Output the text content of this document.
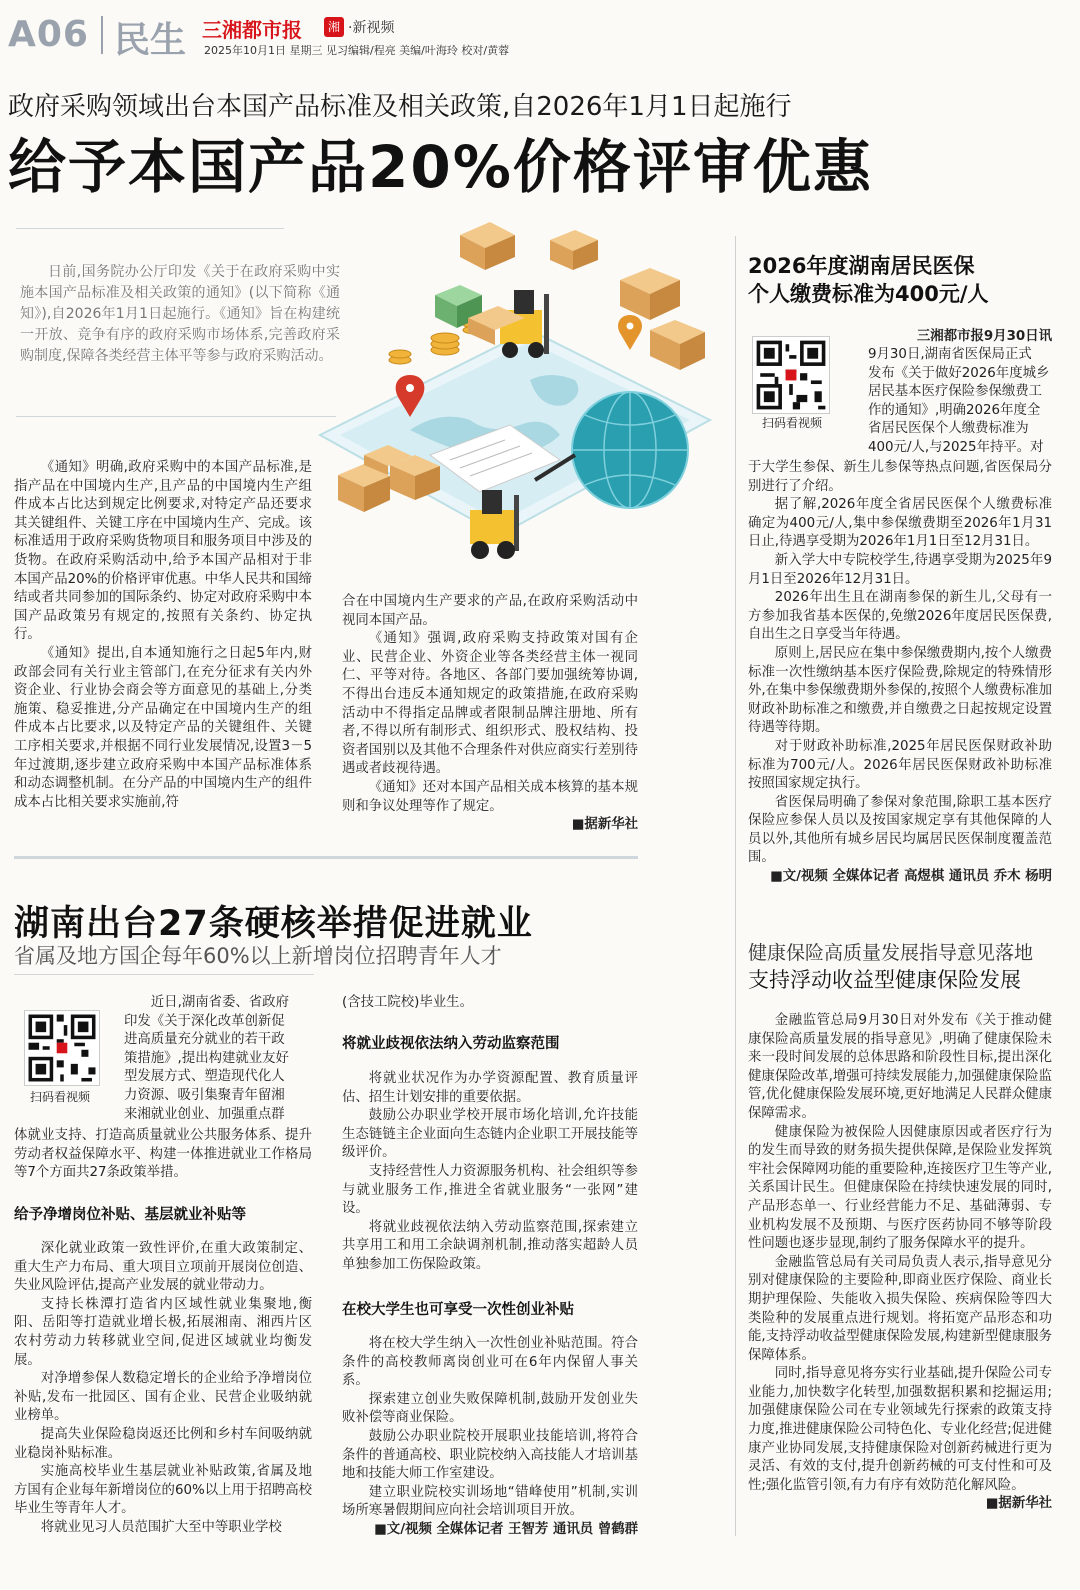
A06 民生 三湘都市报	湘 ·新视频
2025年10月1日 星期三 见习编辑/程亮 美编/叶海玲 校对/黄蓉
政府采购领域出台本国产品标准及相关政策,自2026年1月1日起施行
给予本国产品20%价格评审优惠

日前,国务院办公厅印发《关于在政府采购中实施本国产品标准及相关政策的通知》(以下简称《通知》),自2026年1月1日起施行。《通知》旨在构建统一开放、竞争有序的政府采购市场体系,完善政府采购制度,保障各类经营主体平等参与政府采购活动。

《通知》明确,政府采购中的本国产品标准,是指产品在中国境内生产,且产品的中国境内生产组件成本占比达到规定比例要求,对特定产品还要求其关键组件、关键工序在中国境内生产、完成。该标准适用于政府采购货物项目和服务项目中涉及的货物。在政府采购活动中,给予本国产品相对于非本国产品20%的价格评审优惠。中华人民共和国缔结或者共同参加的国际条约、协定对政府采购中本国产品政策另有规定的,按照有关条约、协定执行。

《通知》提出,自本通知施行之日起5年内,财政部会同有关行业主管部门,在充分征求有关内外资企业、行业协会商会等方面意见的基础上,分类施策、稳妥推进,分产品确定在中国境内生产的组件成本占比要求,以及特定产品的关键组件、关键工序相关要求,并根据不同行业发展情况,设置3－5年过渡期,逐步建立政府采购中本国产品标准体系和动态调整机制。在分产品的中国境内生产的组件成本占比相关要求实施前,符

合在中国境内生产要求的产品,在政府采购活动中视同本国产品。

《通知》强调,政府采购支持政策对国有企业、民营企业、外资企业等各类经营主体一视同仁、平等对待。各地区、各部门要加强统筹协调,不得出台违反本通知规定的政策措施,在政府采购活动中不得指定品牌或者限制品牌注册地、所有者,不得以所有制形式、组织形式、股权结构、投资者国别以及其他不合理条件对供应商实行差别待遇或者歧视待遇。

《通知》还对本国产品相关成本核算的基本规则和争议处理等作了规定。

■据新华社
2026年度湖南居民医保
个人缴费标准为400元/人
扫码看视频
三湘都市报9月30日讯
9月30日,湖南省医保局正式
发布《关于做好2026年度城乡
居民基本医疗保险参保缴费工
作的通知》,明确2026年度全
省居民医保个人缴费标准为
400元/人,与2025年持平。对

于大学生参保、新生儿参保等热点问题,省医保局分别进行了介绍。

据了解,2026年度全省居民医保个人缴费标准确定为400元/人,集中参保缴费期至2026年1月31日止,待遇享受期为2026年1月1日至12月31日。

新入学大中专院校学生,待遇享受期为2025年9月1日至2026年12月31日。

2026年出生且在湖南参保的新生儿,父母有一方参加我省基本医保的,免缴2026年度居民医保费,自出生之日享受当年待遇。

原则上,居民应在集中参保缴费期内,按个人缴费标准一次性缴纳基本医疗保险费,除规定的特殊情形外,在集中参保缴费期外参保的,按照个人缴费标准加财政补助标准之和缴费,并自缴费之日起按规定设置待遇等待期。

对于财政补助标准,2025年居民医保财政补助标准为700元/人。2026年居民医保财政补助标准按照国家规定执行。

省医保局明确了参保对象范围,除职工基本医疗保险应参保人员以及按国家规定享有其他保障的人员以外,其他所有城乡居民均属居民医保制度覆盖范围。

■文/视频 全媒体记者 高煜棋 通讯员 乔木 杨明
健康保险高质量发展指导意见落地
支持浮动收益型健康保险发展

金融监管总局9月30日对外发布《关于推动健康保险高质量发展的指导意见》,明确了健康保险未来一段时间发展的总体思路和阶段性目标,提出深化健康保险改革,增强可持续发展能力,加强健康保险监管,优化健康保险发展环境,更好地满足人民群众健康保障需求。

健康保险为被保险人因健康原因或者医疗行为的发生而导致的财务损失提供保障,是保险业发挥筑牢社会保障网功能的重要险种,连接医疗卫生等产业,关系国计民生。但健康保险在持续快速发展的同时,产品形态单一、行业经营能力不足、基础薄弱、专业机构发展不及预期、与医疗医药协同不够等阶段性问题也逐步显现,制约了服务保障水平的提升。

金融监管总局有关司局负责人表示,指导意见分别对健康保险的主要险种,即商业医疗保险、商业长期护理保险、失能收入损失保险、疾病保险等四大类险种的发展重点进行规划。将拓宽产品形态和功能,支持浮动收益型健康保险发展,构建新型健康服务保障体系。

同时,指导意见将夯实行业基础,提升保险公司专业能力,加快数字化转型,加强数据积累和挖掘运用;加强健康保险公司在专业领域先行探索的政策支持力度,推进健康保险公司特色化、专业化经营;促进健康产业协同发展,支持健康保险对创新药械进行更为灵活、有效的支付,提升创新药械的可支付性和可及性;强化监管引领,有力有序有效防范化解风险。

■据新华社
湖南出台27条硬核举措促进就业
省属及地方国企每年60%以上新增岗位招聘青年人才
扫码看视频
近日,湖南省委、省政府
印发《关于深化改革创新促
进高质量充分就业的若干政
策措施》,提出构建就业友好
型发展方式、塑造现代化人
力资源、吸引集聚青年留湘
来湘就业创业、加强重点群

体就业支持、打造高质量就业公共服务体系、提升劳动者权益保障水平、构建一体推进就业工作格局等7个方面共27条政策举措。

给予净增岗位补贴、基层就业补贴等

深化就业政策一致性评价,在重大政策制定、重大生产力布局、重大项目立项前开展岗位创造、失业风险评估,提高产业发展的就业带动力。

支持长株潭打造省内区域性就业集聚地,衡阳、岳阳等打造就业增长极,拓展湘南、湘西片区农村劳动力转移就业空间,促进区域就业均衡发展。

对净增参保人数稳定增长的企业给予净增岗位补贴,发布一批园区、国有企业、民营企业吸纳就业榜单。

提高失业保险稳岗返还比例和乡村车间吸纳就业稳岗补贴标准。

实施高校毕业生基层就业补贴政策,省属及地方国有企业每年新增岗位的60%以上用于招聘高校毕业生等青年人才。

将就业见习人员范围扩大至中等职业学校

(含技工院校)毕业生。

将就业歧视依法纳入劳动监察范围

将就业状况作为办学资源配置、教育质量评估、招生计划安排的重要依据。

鼓励公办职业学校开展市场化培训,允许技能生态链链主企业面向生态链内企业职工开展技能等级评价。

支持经营性人力资源服务机构、社会组织等参与就业服务工作,推进全省就业服务“一张网”建设。

将就业歧视依法纳入劳动监察范围,探索建立共享用工和用工余缺调剂机制,推动落实超龄人员单独参加工伤保险政策。

在校大学生也可享受一次性创业补贴

将在校大学生纳入一次性创业补贴范围。符合条件的高校教师离岗创业可在6年内保留人事关系。

探索建立创业失败保障机制,鼓励开发创业失败补偿等商业保险。

鼓励公办职业院校开展职业技能培训,将符合条件的普通高校、职业院校纳入高技能人才培训基地和技能大师工作室建设。

建立职业院校实训场地“错峰使用”机制,实训场所寒暑假期间应向社会培训项目开放。

■文/视频 全媒体记者 王智芳 通讯员 曾鹤群
